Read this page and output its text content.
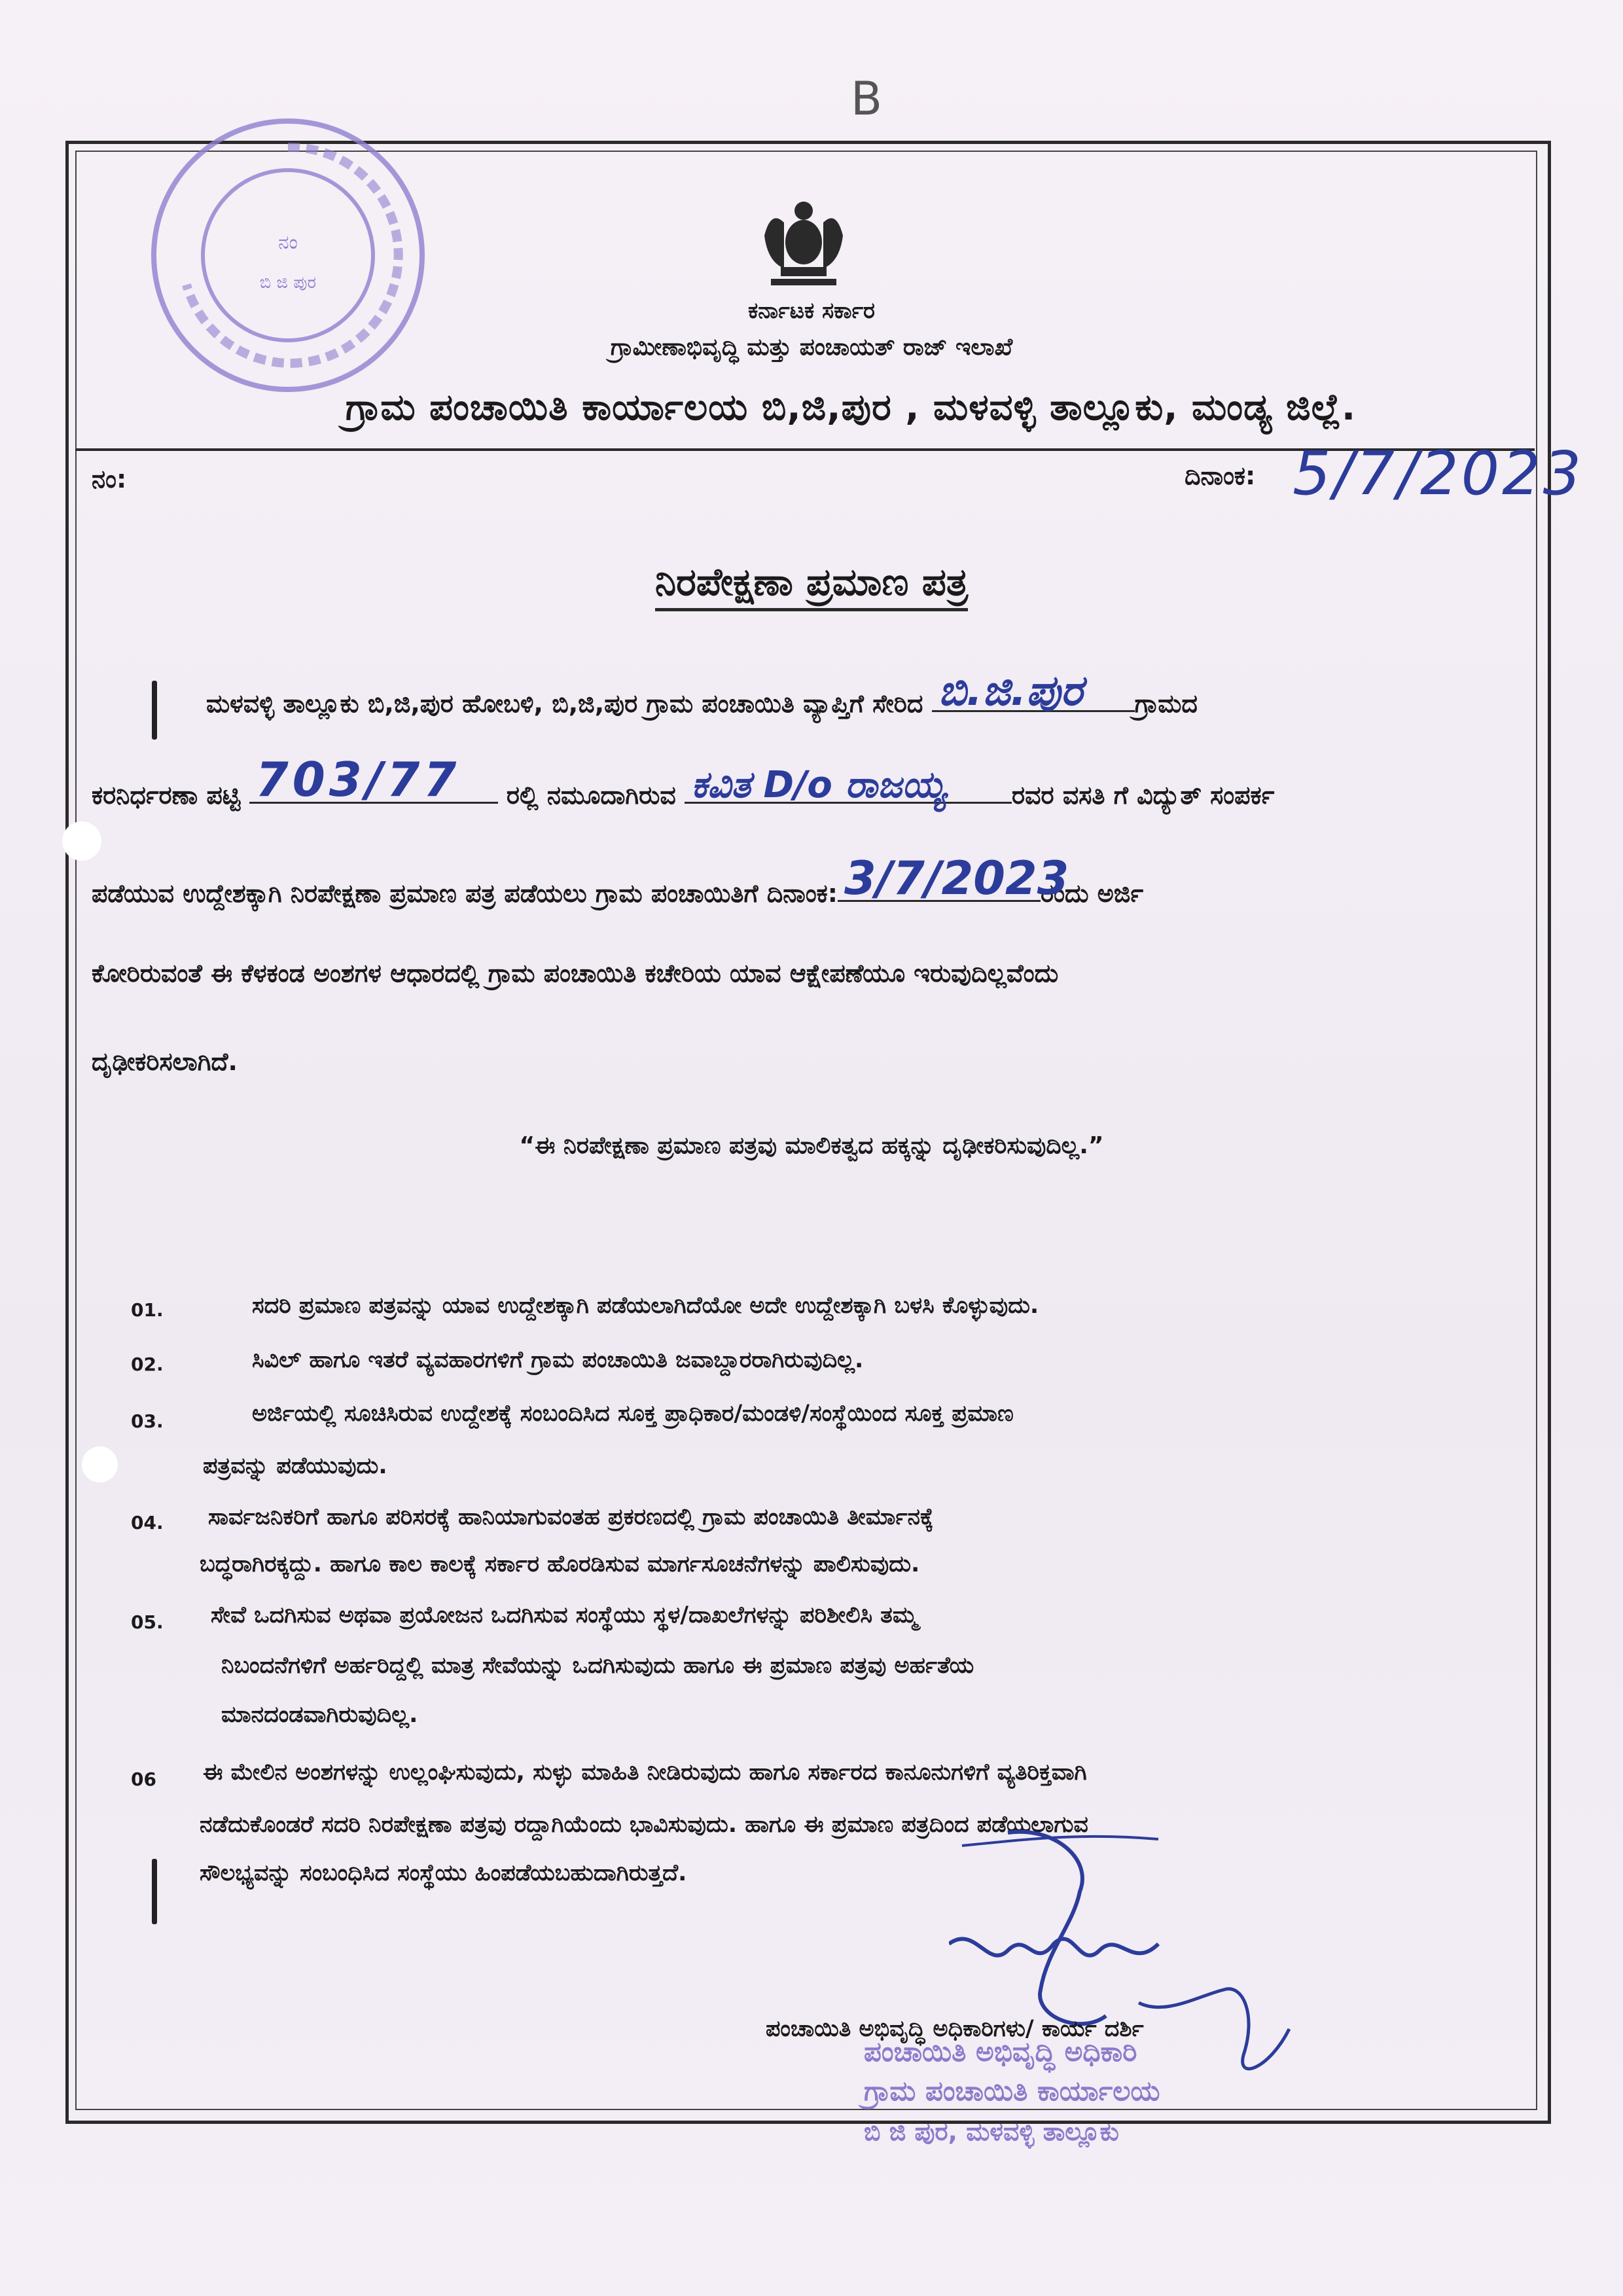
B
ನಂ
ಬಿ ಜಿ ಪುರ
ಕರ್ನಾಟಕ ಸರ್ಕಾರ
ಗ್ರಾಮೀಣಾಭಿವೃದ್ಧಿ ಮತ್ತು ಪಂಚಾಯತ್ ರಾಜ್ ಇಲಾಖೆ
ಗ್ರಾಮ ಪಂಚಾಯಿತಿ ಕಾರ್ಯಾಲಯ ಬಿ,ಜಿ,ಪುರ , ಮಳವಳ್ಳಿ ತಾಲ್ಲೂಕು, ಮಂಡ್ಯ ಜಿಲ್ಲೆ.
ನಂ:	ದಿನಾಂಕ: 5/7/2023
ನಿರಪೇಕ್ಷಣಾ ಪ್ರಮಾಣ ಪತ್ರ
ಮಳವಳ್ಳಿ ತಾಲ್ಲೂಕು ಬಿ,ಜಿ,ಪುರ ಹೋಬಳಿ, ಬಿ,ಜಿ,ಪುರ ಗ್ರಾಮ ಪಂಚಾಯಿತಿ ವ್ಯಾಪ್ತಿಗೆ ಸೇರಿದ ಬಿ.ಜಿ.ಪುರ ಗ್ರಾಮದ
ಕರನಿರ್ಧರಣಾ ಪಟ್ಟಿ 703/77 ರಲ್ಲಿ ನಮೂದಾಗಿರುವ ಕವಿತ D/o ರಾಜಯ್ಯ	ರವರ ವಸತಿ ಗೆ ವಿದ್ಯುತ್ ಸಂಪರ್ಕ
ಪಡೆಯುವ ಉದ್ದೇಶಕ್ಕಾಗಿ ನಿರಪೇಕ್ಷಣಾ ಪ್ರಮಾಣ ಪತ್ರ ಪಡೆಯಲು ಗ್ರಾಮ ಪಂಚಾಯಿತಿಗೆ ದಿನಾಂಕ: 3/7/2023
ರಂದು ಅರ್ಜಿ
ಕೋರಿರುವಂತೆ ಈ ಕೆಳಕಂಡ ಅಂಶಗಳ ಆಧಾರದಲ್ಲಿ ಗ್ರಾಮ ಪಂಚಾಯಿತಿ ಕಚೇರಿಯ ಯಾವ ಆಕ್ಷೇಪಣೆಯೂ ಇರುವುದಿಲ್ಲವೆಂದು
ದೃಢೀಕರಿಸಲಾಗಿದೆ.
“ಈ ನಿರಪೇಕ್ಷಣಾ ಪ್ರಮಾಣ ಪತ್ರವು ಮಾಲಿಕತ್ವದ ಹಕ್ಕನ್ನು ದೃಢೀಕರಿಸುವುದಿಲ್ಲ.”
01.	ಸದರಿ ಪ್ರಮಾಣ ಪತ್ರವನ್ನು ಯಾವ ಉದ್ದೇಶಕ್ಕಾಗಿ ಪಡೆಯಲಾಗಿದೆಯೋ ಅದೇ ಉದ್ದೇಶಕ್ಕಾಗಿ ಬಳಸಿ ಕೊಳ್ಳುವುದು.
02.	ಸಿವಿಲ್ ಹಾಗೂ ಇತರೆ ವ್ಯವಹಾರಗಳಿಗೆ ಗ್ರಾಮ ಪಂಚಾಯಿತಿ ಜವಾಬ್ದಾರರಾಗಿರುವುದಿಲ್ಲ.
03.	ಅರ್ಜಿಯಲ್ಲಿ ಸೂಚಿಸಿರುವ ಉದ್ದೇಶಕ್ಕೆ ಸಂಬಂದಿಸಿದ ಸೂಕ್ತ ಪ್ರಾಧಿಕಾರ/ಮಂಡಳಿ/ಸಂಸ್ಥೆಯಿಂದ ಸೂಕ್ತ ಪ್ರಮಾಣ
ಪತ್ರವನ್ನು ಪಡೆಯುವುದು.
04. ಸಾರ್ವಜನಿಕರಿಗೆ ಹಾಗೂ ಪರಿಸರಕ್ಕೆ ಹಾನಿಯಾಗುವಂತಹ ಪ್ರಕರಣದಲ್ಲಿ ಗ್ರಾಮ ಪಂಚಾಯಿತಿ ತೀರ್ಮಾನಕ್ಕೆ
ಬದ್ಧರಾಗಿರಕ್ಕದ್ದು. ಹಾಗೂ ಕಾಲ ಕಾಲಕ್ಕೆ ಸರ್ಕಾರ ಹೊರಡಿಸುವ ಮಾರ್ಗಸೂಚನೆಗಳನ್ನು ಪಾಲಿಸುವುದು.
05. ಸೇವೆ ಒದಗಿಸುವ ಅಥವಾ ಪ್ರಯೋಜನ ಒದಗಿಸುವ ಸಂಸ್ಥೆಯು ಸ್ಥಳ/ದಾಖಲೆಗಳನ್ನು ಪರಿಶೀಲಿಸಿ ತಮ್ಮ
ನಿಬಂದನೆಗಳಿಗೆ ಅರ್ಹರಿದ್ದಲ್ಲಿ ಮಾತ್ರ ಸೇವೆಯನ್ನು ಒದಗಿಸುವುದು ಹಾಗೂ ಈ ಪ್ರಮಾಣ ಪತ್ರವು ಅರ್ಹತೆಯ
ಮಾನದಂಡವಾಗಿರುವುದಿಲ್ಲ.
06 ಈ ಮೇಲಿನ ಅಂಶಗಳನ್ನು ಉಲ್ಲಂಘಿಸುವುದು, ಸುಳ್ಳು ಮಾಹಿತಿ ನೀಡಿರುವುದು ಹಾಗೂ ಸರ್ಕಾರದ ಕಾನೂನುಗಳಿಗೆ ವ್ಯತಿರಿಕ್ತವಾಗಿ
ನಡೆದುಕೊಂಡರೆ ಸದರಿ ನಿರಪೇಕ್ಷಣಾ ಪತ್ರವು ರದ್ದಾಗಿಯೆಂದು ಭಾವಿಸುವುದು. ಹಾಗೂ ಈ ಪ್ರಮಾಣ ಪತ್ರದಿಂದ ಪಡೆಯಲಾಗುವ
ಸೌಲಭ್ಯವನ್ನು ಸಂಬಂಧಿಸಿದ ಸಂಸ್ಥೆಯು ಹಿಂಪಡೆಯಬಹುದಾಗಿರುತ್ತದೆ.
ಪಂಚಾಯಿತಿ ಅಭಿವೃದ್ಧಿ ಅಧಿಕಾರಿಗಳು/ ಕಾರ್ಯ ದರ್ಶಿ
ಪಂಚಾಯಿತಿ ಅಭಿವೃದ್ಧಿ ಅಧಿಕಾರಿ
ಗ್ರಾಮ ಪಂಚಾಯಿತಿ ಕಾರ್ಯಾಲಯ
ಬಿ ಜಿ ಪುರ, ಮಳವಳ್ಳಿ ತಾಲ್ಲೂಕು
